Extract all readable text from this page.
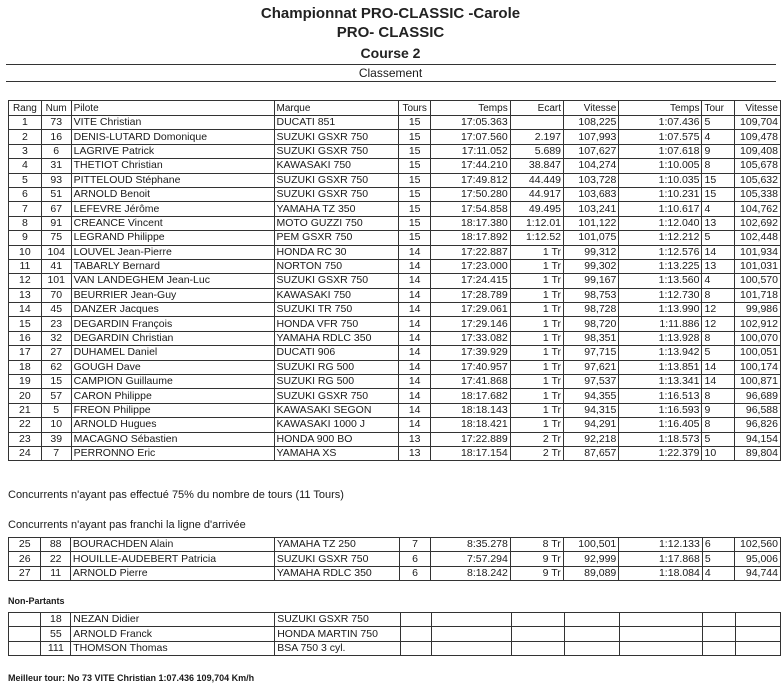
Championnat PRO-CLASSIC -Carole
PRO- CLASSIC
Course 2
Classement
Rang	Num	Pilote	Marque	Tours	Temps	Ecart	Vitesse	Temps	Tour	Vitesse
1	73	VITE Christian	DUCATI 851	15	17:05.363		108,225	1:07.436	5	109,704
2	16	DENIS-LUTARD Domonique	SUZUKI GSXR 750	15	17:07.560	2.197	107,993	1:07.575	4	109,478
3	6	LAGRIVE Patrick	SUZUKI GSXR 750	15	17:11.052	5.689	107,627	1:07.618	9	109,408
4	31	THETIOT Christian	KAWASAKI 750	15	17:44.210	38.847	104,274	1:10.005	8	105,678
5	93	PITTELOUD Stéphane	SUZUKI GSXR 750	15	17:49.812	44.449	103,728	1:10.035	15	105,632
6	51	ARNOLD Benoit	SUZUKI GSXR 750	15	17:50.280	44.917	103,683	1:10.231	15	105,338
7	67	LEFEVRE Jérôme	YAMAHA TZ 350	15	17:54.858	49.495	103,241	1:10.617	4	104,762
8	91	CREANCE Vincent	MOTO GUZZI 750	15	18:17.380	1:12.01	101,122	1:12.040	13	102,692
9	75	LEGRAND Philippe	PEM GSXR 750	15	18:17.892	1:12.52	101,075	1:12.212	5	102,448
10	104	LOUVEL Jean-Pierre	HONDA RC 30	14	17:22.887	1 Tr	99,312	1:12.576	14	101,934
11	41	TABARLY Bernard	NORTON 750	14	17:23.000	1 Tr	99,302	1:13.225	13	101,031
12	101	VAN LANDEGHEM Jean-Luc	SUZUKI GSXR 750	14	17:24.415	1 Tr	99,167	1:13.560	4	100,570
13	70	BEURRIER Jean-Guy	KAWASAKI 750	14	17:28.789	1 Tr	98,753	1:12.730	8	101,718
14	45	DANZER Jacques	SUZUKI TR 750	14	17:29.061	1 Tr	98,728	1:13.990	12	99,986
15	23	DEGARDIN François	HONDA VFR 750	14	17:29.146	1 Tr	98,720	1:11.886	12	102,912
16	32	DEGARDIN Christian	YAMAHA RDLC 350	14	17:33.082	1 Tr	98,351	1:13.928	8	100,070
17	27	DUHAMEL Daniel	DUCATI 906	14	17:39.929	1 Tr	97,715	1:13.942	5	100,051
18	62	GOUGH Dave	SUZUKI RG 500	14	17:40.957	1 Tr	97,621	1:13.851	14	100,174
19	15	CAMPION Guillaume	SUZUKI RG 500	14	17:41.868	1 Tr	97,537	1:13.341	14	100,871
20	57	CARON Philippe	SUZUKI GSXR 750	14	18:17.682	1 Tr	94,355	1:16.513	8	96,689
21	5	FREON Philippe	KAWASAKI SEGON	14	18:18.143	1 Tr	94,315	1:16.593	9	96,588
22	10	ARNOLD Hugues	KAWASAKI 1000 J	14	18:18.421	1 Tr	94,291	1:16.405	8	96,826
23	39	MACAGNO Sébastien	HONDA 900 BO	13	17:22.889	2 Tr	92,218	1:18.573	5	94,154
24	7	PERRONNO Eric	YAMAHA XS	13	18:17.154	2 Tr	87,657	1:22.379	10	89,804
Concurrents n'ayant pas effectué 75% du nombre de tours (11 Tours)
Concurrents n'ayant pas franchi la ligne d'arrivée
25	88	BOURACHDEN Alain	YAMAHA TZ 250	7	8:35.278	8 Tr	100,501	1:12.133	6	102,560
26	22	HOUILLE-AUDEBERT Patricia	SUZUKI GSXR 750	6	7:57.294	9 Tr	92,999	1:17.868	5	95,006
27	11	ARNOLD Pierre	YAMAHA RDLC 350	6	8:18.242	9 Tr	89,089	1:18.084	4	94,744
Non-Partants
	18	NEZAN Didier	SUZUKI GSXR 750							
	55	ARNOLD Franck	HONDA MARTIN 750							
	111	THOMSON Thomas	BSA 750 3 cyl.							
Meilleur tour: No 73 VITE Christian 1:07.436 109,704 Km/h
